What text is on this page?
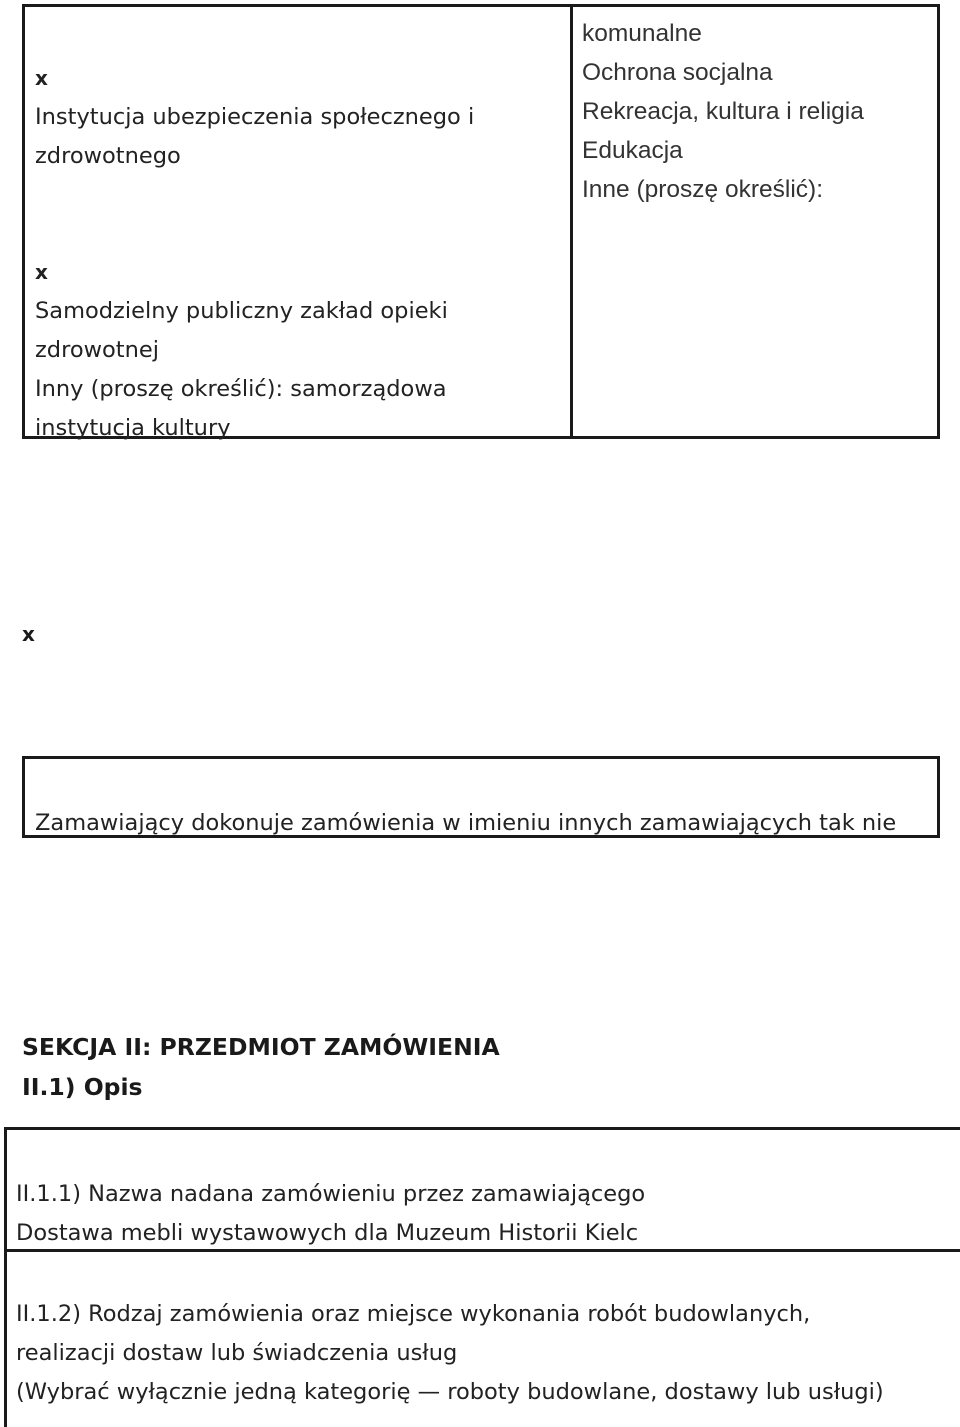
x
Instytucja ubezpieczenia społecznego i
zdrowotnego
x
Samodzielny publiczny zakład opieki
zdrowotnej
Inny (proszę określić): samorządowa
instytucja kultury
komunalne
Ochrona socjalna
Rekreacja, kultura i religia
Edukacja
Inne (proszę określić):
x
Zamawiający dokonuje zamówienia w imieniu innych zamawiających tak nie
SEKCJA II: PRZEDMIOT ZAMÓWIENIA
II.1) Opis
II.1.1) Nazwa nadana zamówieniu przez zamawiającego
Dostawa mebli wystawowych dla Muzeum Historii Kielc
II.1.2) Rodzaj zamówienia oraz miejsce wykonania robót budowlanych,
realizacji dostaw lub świadczenia usług
(Wybrać wyłącznie jedną kategorię — roboty budowlane, dostawy lub usługi)
